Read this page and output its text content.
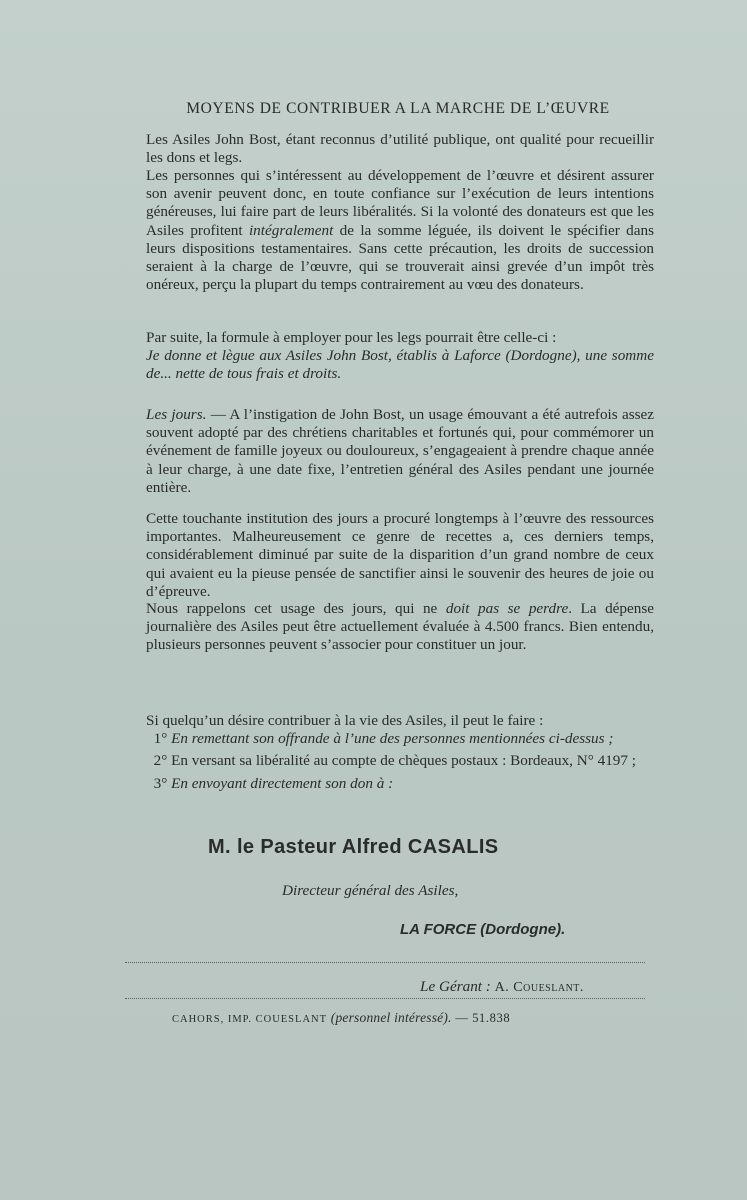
MOYENS DE CONTRIBUER A LA MARCHE DE L’ŒUVRE

Les Asiles John Bost, étant reconnus d’utilité publique, ont qualité pour recueillir les dons et legs.

Les personnes qui s’intéressent au développement de l’œuvre et désirent assurer son avenir peuvent donc, en toute confiance sur l’exécution de leurs intentions généreuses, lui faire part de leurs libéralités. Si la volonté des donateurs est que les Asiles profitent intégralement de la somme léguée, ils doivent le spécifier dans leurs dispositions testamentaires. Sans cette précaution, les droits de succession seraient à la charge de l’œuvre, qui se trouverait ainsi grevée d’un impôt très onéreux, perçu la plupart du temps contrairement au vœu des donateurs.

Par suite, la formule à employer pour les legs pourrait être celle-ci :

Je donne et lègue aux Asiles John Bost, établis à Laforce (Dordogne), une somme de... nette de tous frais et droits.

Les jours. — A l’instigation de John Bost, un usage émouvant a été autrefois assez souvent adopté par des chrétiens charitables et fortunés qui, pour commémorer un événement de famille joyeux ou douloureux, s’engageaient à prendre chaque année à leur charge, à une date fixe, l’entretien général des Asiles pendant une journée entière.

Cette touchante institution des jours a procuré longtemps à l’œuvre des ressources importantes. Malheureusement ce genre de recettes a, ces derniers temps, considérablement diminué par suite de la disparition d’un grand nombre de ceux qui avaient eu la pieuse pensée de sanctifier ainsi le souvenir des heures de joie ou d’épreuve.

Nous rappelons cet usage des jours, qui ne doit pas se perdre. La dépense journalière des Asiles peut être actuellement évaluée à 4.500 francs. Bien entendu, plusieurs personnes peuvent s’associer pour constituer un jour.

Si quelqu’un désire contribuer à la vie des Asiles, il peut le faire :

1° En remettant son offrande à l’une des personnes mentionnées ci-dessus ;

2° En versant sa libéralité au compte de chèques postaux : Bordeaux, N° 4197 ;

3° En envoyant directement son don à :

M. le Pasteur Alfred CASALIS
Directeur général des Asiles,
LA FORCE (Dordogne).
Le Gérant : A. Coueslant.
CAHORS, IMP. COUESLANT (personnel intéressé). — 51.838
